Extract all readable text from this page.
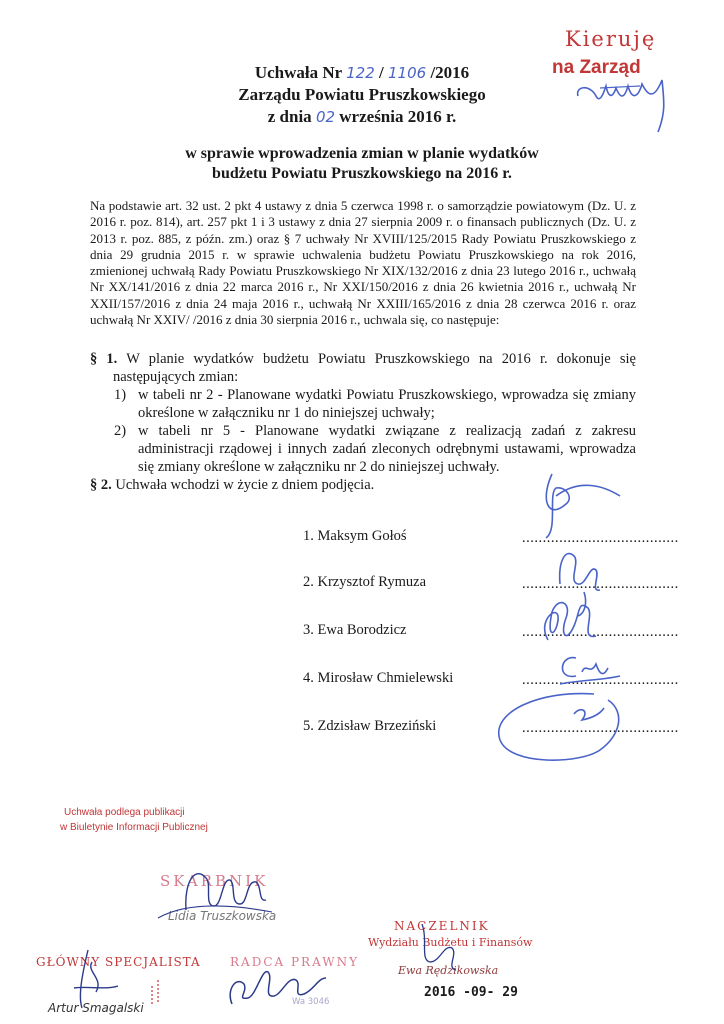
Uchwała Nr 122 / 1106 /2016
Zarządu Powiatu Pruszkowskiego
z dnia 02 września 2016 r.
w sprawie wprowadzenia zmian w planie wydatków
budżetu Powiatu Pruszkowskiego na 2016 r.
Na podstawie art. 32 ust. 2 pkt 4 ustawy z dnia 5 czerwca 1998 r. o samorządzie powiatowym (Dz. U. z 2016 r. poz. 814), art. 257 pkt 1 i 3 ustawy z dnia 27 sierpnia 2009 r. o finansach publicznych (Dz. U. z 2013 r. poz. 885, z późn. zm.) oraz § 7 uchwały Nr XVIII/125/2015 Rady Powiatu Pruszkowskiego z dnia 29 grudnia 2015 r. w sprawie uchwalenia budżetu Powiatu Pruszkowskiego na rok 2016, zmienionej uchwałą Rady Powiatu Pruszkowskiego Nr XIX/132/2016 z dnia 23 lutego 2016 r., uchwałą Nr XX/141/2016 z dnia 22 marca 2016 r., Nr XXI/150/2016 z dnia 26 kwietnia 2016 r., uchwałą Nr XXII/157/2016 z dnia 24 maja 2016 r., uchwałą Nr XXIII/165/2016 z dnia 28 czerwca 2016 r. oraz uchwałą Nr XXIV/ /2016 z dnia 30 sierpnia 2016 r., uchwala się, co następuje:
§ 1. W planie wydatków budżetu Powiatu Pruszkowskiego na 2016 r. dokonuje się następujących zmian:
1) w tabeli nr 2 - Planowane wydatki Powiatu Pruszkowskiego, wprowadza się zmiany określone w załączniku nr 1 do niniejszej uchwały;
2) w tabeli nr 5 - Planowane wydatki związane z realizacją zadań z zakresu administracji rządowej i innych zadań zleconych odrębnymi ustawami, wprowadza się zmiany określone w załączniku nr 2 do niniejszej uchwały.
§ 2. Uchwała wchodzi w życie z dniem podjęcia.
1. Maksym Gołoś	......................................
2. Krzysztof Rymuza	......................................
3. Ewa Borodzicz	......................................
4. Mirosław Chmielewski	......................................
5. Zdzisław Brzeziński	......................................
Kieruję
na Zarząd
Uchwała podlega publikacji
w Biuletynie Informacji Publicznej
SKARBNIK
Lidia Truszkowska
GŁÓWNY SPECJALISTA
Artur Smagalski
RADCA PRAWNY
Wa 3046
NACZELNIK
Wydziału Budżetu i Finansów
Ewa Rędzikowska
2016 -09- 29
